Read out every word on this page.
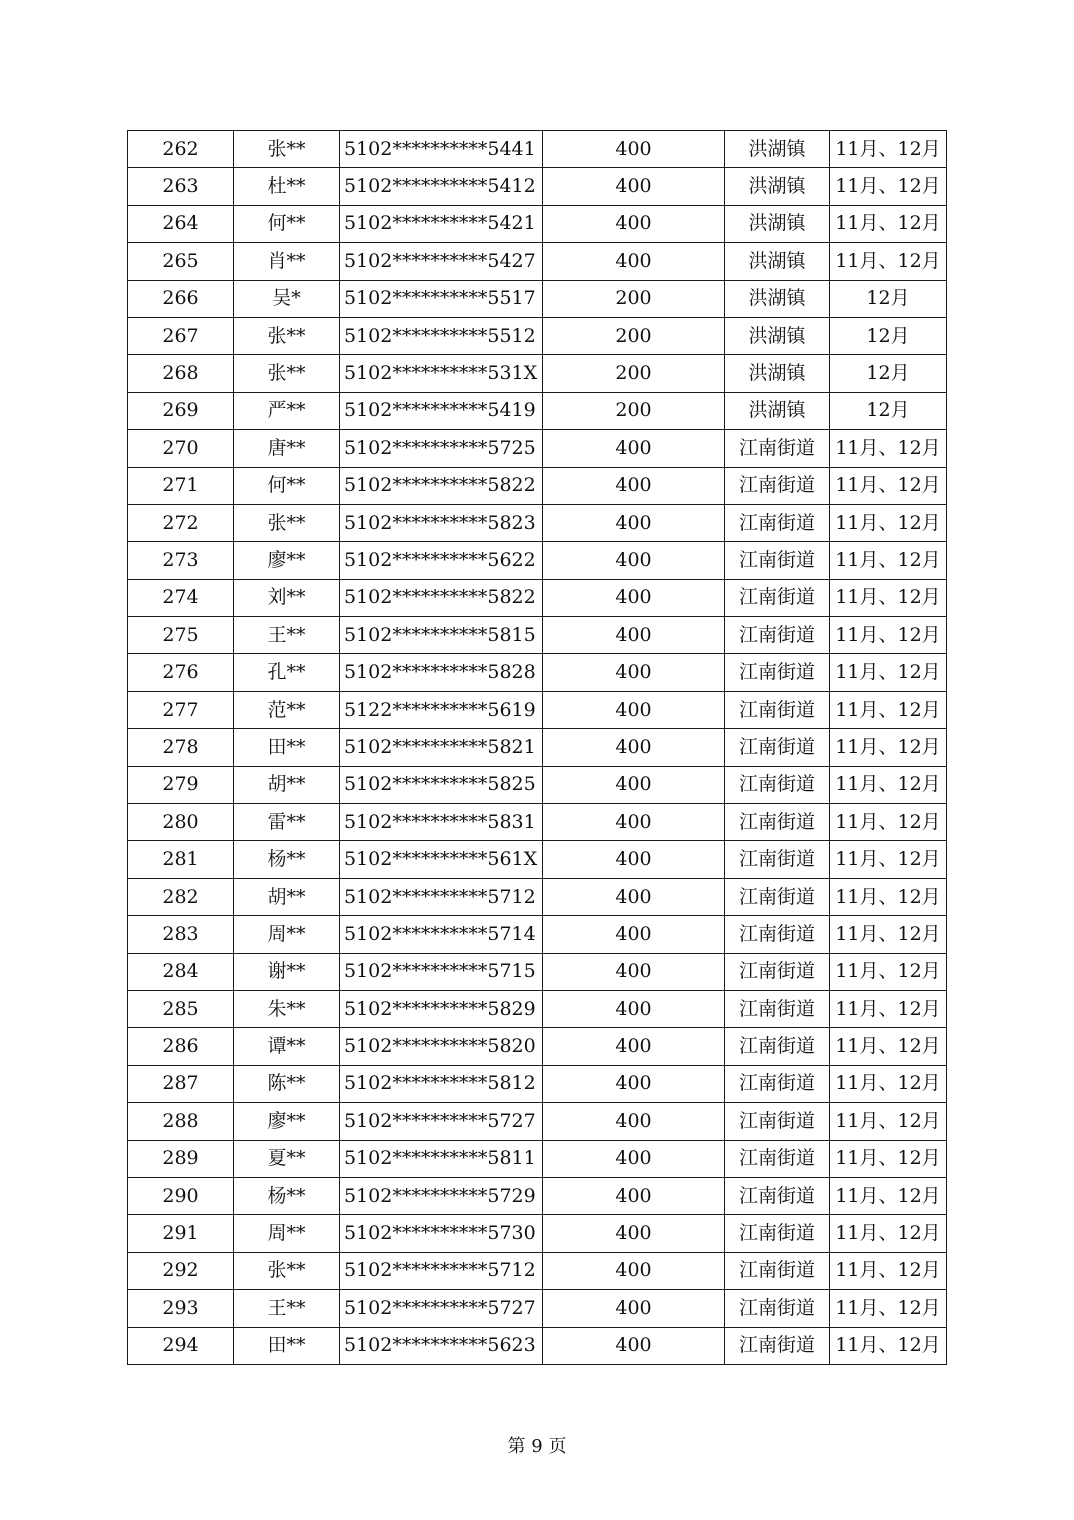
262	张**	5102**********5441	400	洪湖镇	11月、12月
263	杜**	5102**********5412	400	洪湖镇	11月、12月
264	何**	5102**********5421	400	洪湖镇	11月、12月
265	肖**	5102**********5427	400	洪湖镇	11月、12月
266	吴*	5102**********5517	200	洪湖镇	12月
267	张**	5102**********5512	200	洪湖镇	12月
268	张**	5102**********531X	200	洪湖镇	12月
269	严**	5102**********5419	200	洪湖镇	12月
270	唐**	5102**********5725	400	江南街道	11月、12月
271	何**	5102**********5822	400	江南街道	11月、12月
272	张**	5102**********5823	400	江南街道	11月、12月
273	廖**	5102**********5622	400	江南街道	11月、12月
274	刘**	5102**********5822	400	江南街道	11月、12月
275	王**	5102**********5815	400	江南街道	11月、12月
276	孔**	5102**********5828	400	江南街道	11月、12月
277	范**	5122**********5619	400	江南街道	11月、12月
278	田**	5102**********5821	400	江南街道	11月、12月
279	胡**	5102**********5825	400	江南街道	11月、12月
280	雷**	5102**********5831	400	江南街道	11月、12月
281	杨**	5102**********561X	400	江南街道	11月、12月
282	胡**	5102**********5712	400	江南街道	11月、12月
283	周**	5102**********5714	400	江南街道	11月、12月
284	谢**	5102**********5715	400	江南街道	11月、12月
285	朱**	5102**********5829	400	江南街道	11月、12月
286	谭**	5102**********5820	400	江南街道	11月、12月
287	陈**	5102**********5812	400	江南街道	11月、12月
288	廖**	5102**********5727	400	江南街道	11月、12月
289	夏**	5102**********5811	400	江南街道	11月、12月
290	杨**	5102**********5729	400	江南街道	11月、12月
291	周**	5102**********5730	400	江南街道	11月、12月
292	张**	5102**********5712	400	江南街道	11月、12月
293	王**	5102**********5727	400	江南街道	11月、12月
294	田**	5102**********5623	400	江南街道	11月、12月
第 9 页
